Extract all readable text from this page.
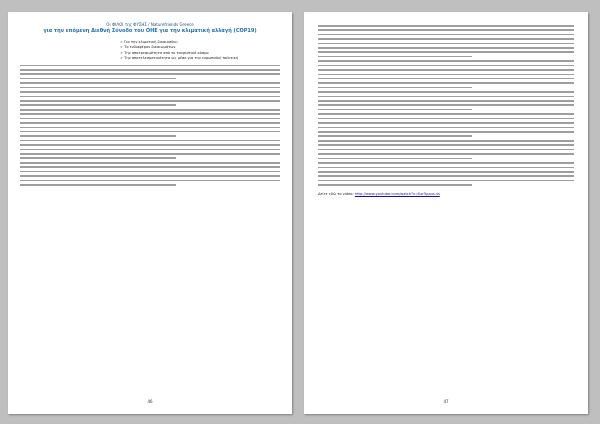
Οι ΦΙΛΟΙ της ΦΥΣΗΣ / Naturefriends Greece
για την επόμενη Διεθνή Σύνοδο του ΟΗΕ για την κλιματική αλλαγή (COP19)
➢ Για την κλιματική δικαιοσύνη
➢ Το ενδιαφέρον δικαιωμάτων
➢ Την αποτρεψιμότητα από το τουριστικό κόσμο
➢ Την αποτελεσματικότητα ως μέσο για την ευρωπαϊκή πολιτική
46
Δείτε εδώ το video: http://www.youtube.com/watch?v=Kzr5paus-ss
47
